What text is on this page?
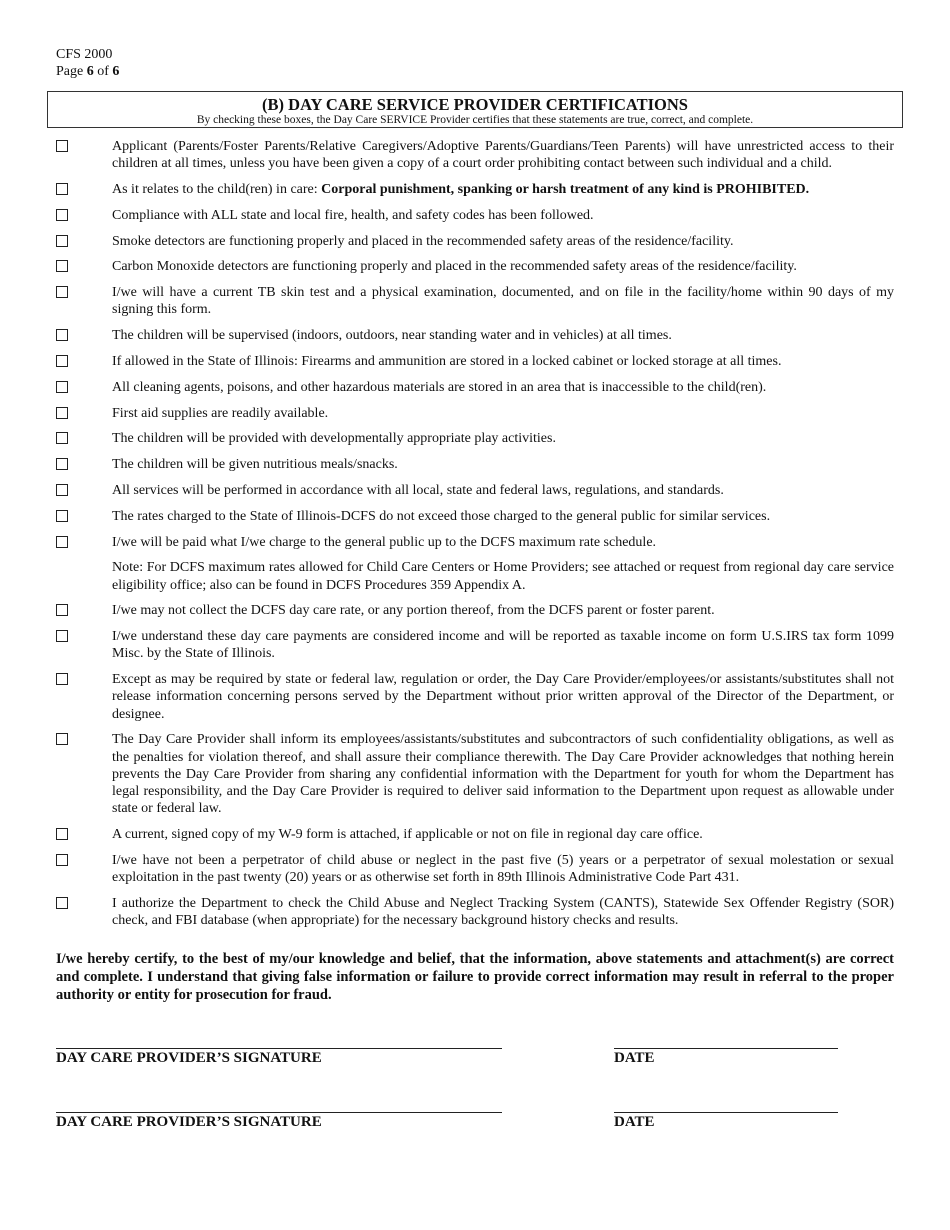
CFS 2000
Page 6 of 6
(B) DAY CARE SERVICE PROVIDER CERTIFICATIONS
By checking these boxes, the Day Care SERVICE Provider certifies that these statements are true, correct, and complete.
Applicant (Parents/Foster Parents/Relative Caregivers/Adoptive Parents/Guardians/Teen Parents) will have unrestricted access to their children at all times, unless you have been given a copy of a court order prohibiting contact between such individual and a child.
As it relates to the child(ren) in care: Corporal punishment, spanking or harsh treatment of any kind is PROHIBITED.
Compliance with ALL state and local fire, health, and safety codes has been followed.
Smoke detectors are functioning properly and placed in the recommended safety areas of the residence/facility.
Carbon Monoxide detectors are functioning properly and placed in the recommended safety areas of the residence/facility.
I/we will have a current TB skin test and a physical examination, documented, and on file in the facility/home within 90 days of my signing this form.
The children will be supervised (indoors, outdoors, near standing water and in vehicles) at all times.
If allowed in the State of Illinois: Firearms and ammunition are stored in a locked cabinet or locked storage at all times.
All cleaning agents, poisons, and other hazardous materials are stored in an area that is inaccessible to the child(ren).
First aid supplies are readily available.
The children will be provided with developmentally appropriate play activities.
The children will be given nutritious meals/snacks.
All services will be performed in accordance with all local, state and federal laws, regulations, and standards.
The rates charged to the State of Illinois-DCFS do not exceed those charged to the general public for similar services.
I/we will be paid what I/we charge to the general public up to the DCFS maximum rate schedule.
Note: For DCFS maximum rates allowed for Child Care Centers or Home Providers; see attached or request from regional day care service eligibility office; also can be found in DCFS Procedures 359 Appendix A.
I/we may not collect the DCFS day care rate, or any portion thereof, from the DCFS parent or foster parent.
I/we understand these day care payments are considered income and will be reported as taxable income on form U.S.IRS tax form 1099 Misc. by the State of Illinois.
Except as may be required by state or federal law, regulation or order, the Day Care Provider/employees/or assistants/substitutes shall not release information concerning persons served by the Department without prior written approval of the Director of the Department, or designee.
The Day Care Provider shall inform its employees/assistants/substitutes and subcontractors of such confidentiality obligations, as well as the penalties for violation thereof, and shall assure their compliance therewith. The Day Care Provider acknowledges that nothing herein prevents the Day Care Provider from sharing any confidential information with the Department for youth for whom the Department has legal responsibility, and the Day Care Provider is required to deliver said information to the Department upon request as allowable under state or federal law.
A current, signed copy of my W-9 form is attached, if applicable or not on file in regional day care office.
I/we have not been a perpetrator of child abuse or neglect in the past five (5) years or a perpetrator of sexual molestation or sexual exploitation in the past twenty (20) years or as otherwise set forth in 89th Illinois Administrative Code Part 431.
I authorize the Department to check the Child Abuse and Neglect Tracking System (CANTS), Statewide Sex Offender Registry (SOR) check, and FBI database (when appropriate) for the necessary background history checks and results.
I/we hereby certify, to the best of my/our knowledge and belief, that the information, above statements and attachment(s) are correct and complete. I understand that giving false information or failure to provide correct information may result in referral to the proper authority or entity for prosecution for fraud.
DAY CARE PROVIDER’S SIGNATURE	DATE
DAY CARE PROVIDER’S SIGNATURE	DATE
